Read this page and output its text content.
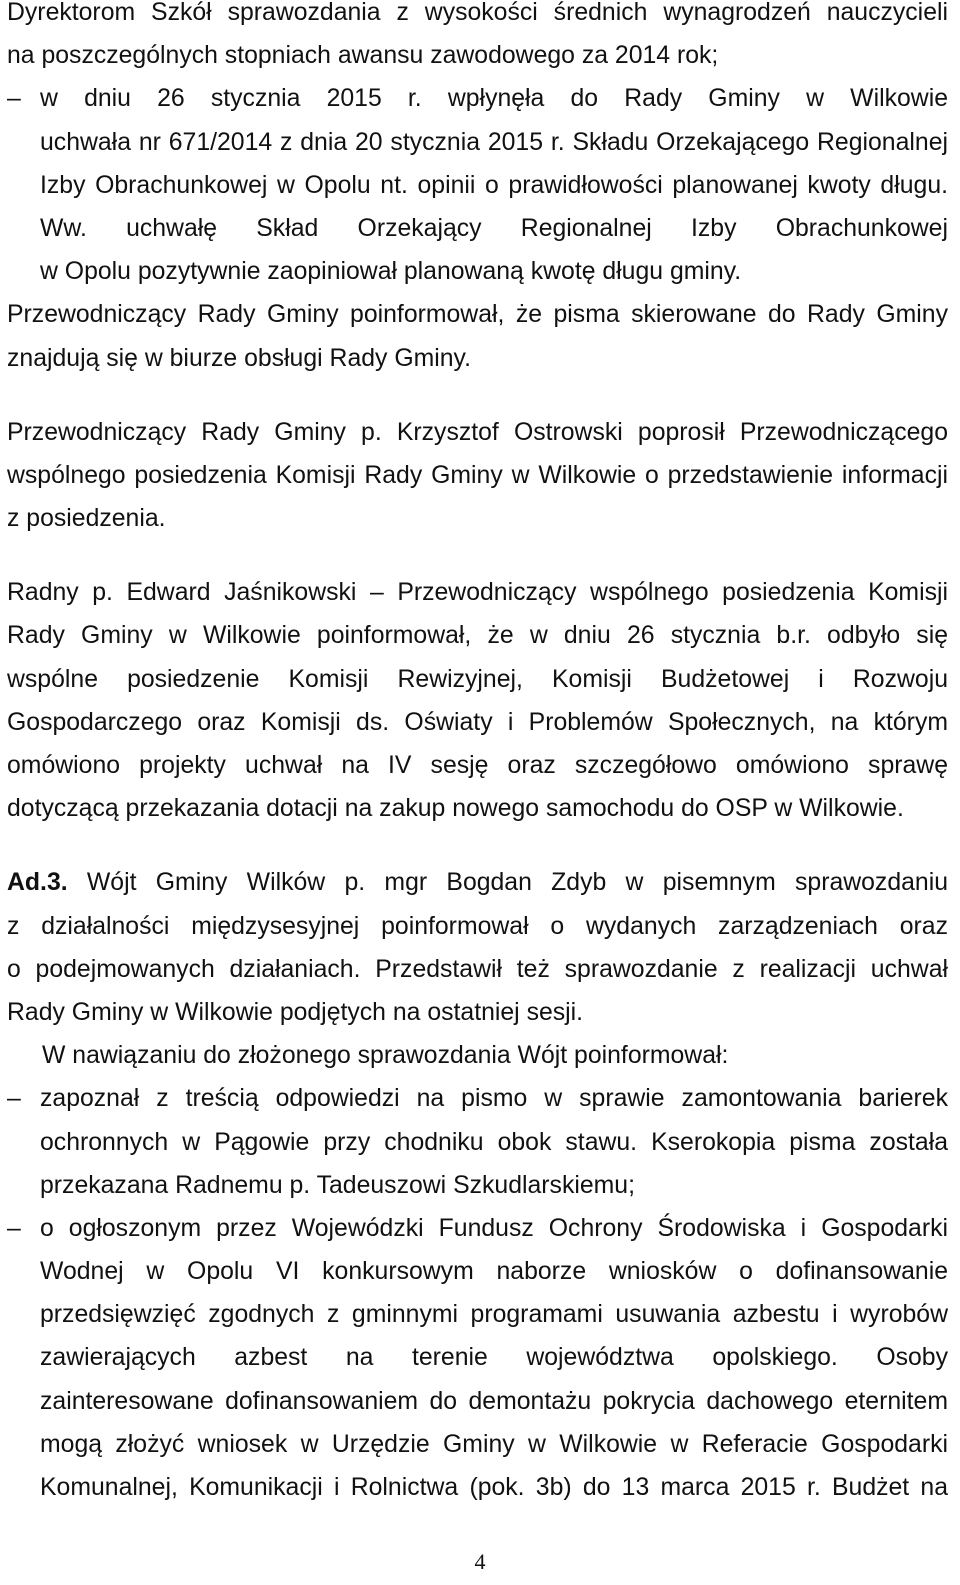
Dyrektorom Szkół sprawozdania z wysokości średnich wynagrodzeń nauczycieli
na poszczególnych stopniach awansu zawodowego za 2014 rok;
– w dniu 26 stycznia 2015 r. wpłynęła do Rady Gminy w Wilkowie
uchwała nr 671/2014 z dnia 20 stycznia 2015 r. Składu Orzekającego Regionalnej
Izby Obrachunkowej w Opolu nt. opinii o prawidłowości planowanej kwoty długu.
Ww. uchwałę Skład Orzekający Regionalnej Izby Obrachunkowej
w Opolu pozytywnie zaopiniował planowaną kwotę długu gminy.
Przewodniczący Rady Gminy poinformował, że pisma skierowane do Rady Gminy
znajdują się w biurze obsługi Rady Gminy.
Przewodniczący Rady Gminy p. Krzysztof Ostrowski poprosił Przewodniczącego
wspólnego posiedzenia Komisji Rady Gminy w Wilkowie o przedstawienie informacji
z posiedzenia.
Radny p. Edward Jaśnikowski – Przewodniczący wspólnego posiedzenia Komisji
Rady Gminy w Wilkowie poinformował, że w dniu 26 stycznia b.r. odbyło się
wspólne posiedzenie Komisji Rewizyjnej, Komisji Budżetowej i Rozwoju
Gospodarczego oraz Komisji ds. Oświaty i Problemów Społecznych, na którym
omówiono projekty uchwał na IV sesję oraz szczegółowo omówiono sprawę
dotyczącą przekazania dotacji na zakup nowego samochodu do OSP w Wilkowie.
Ad.3. Wójt Gminy Wilków p. mgr Bogdan Zdyb w pisemnym sprawozdaniu
z działalności międzysesyjnej poinformował o wydanych zarządzeniach oraz
o podejmowanych działaniach. Przedstawił też sprawozdanie z realizacji uchwał
Rady Gminy w Wilkowie podjętych na ostatniej sesji.
W nawiązaniu do złożonego sprawozdania Wójt poinformował:
– zapoznał z treścią odpowiedzi na pismo w sprawie zamontowania barierek
ochronnych w Pągowie przy chodniku obok stawu. Kserokopia pisma została
przekazana Radnemu p. Tadeuszowi Szkudlarskiemu;
– o ogłoszonym przez Wojewódzki Fundusz Ochrony Środowiska i Gospodarki
Wodnej w Opolu VI konkursowym naborze wniosków o dofinansowanie
przedsięwzięć zgodnych z gminnymi programami usuwania azbestu i wyrobów
zawierających azbest na terenie województwa opolskiego. Osoby
zainteresowane dofinansowaniem do demontażu pokrycia dachowego eternitem
mogą złożyć wniosek w Urzędzie Gminy w Wilkowie w Referacie Gospodarki
Komunalnej, Komunikacji i Rolnictwa (pok. 3b) do 13 marca 2015 r. Budżet na
4
